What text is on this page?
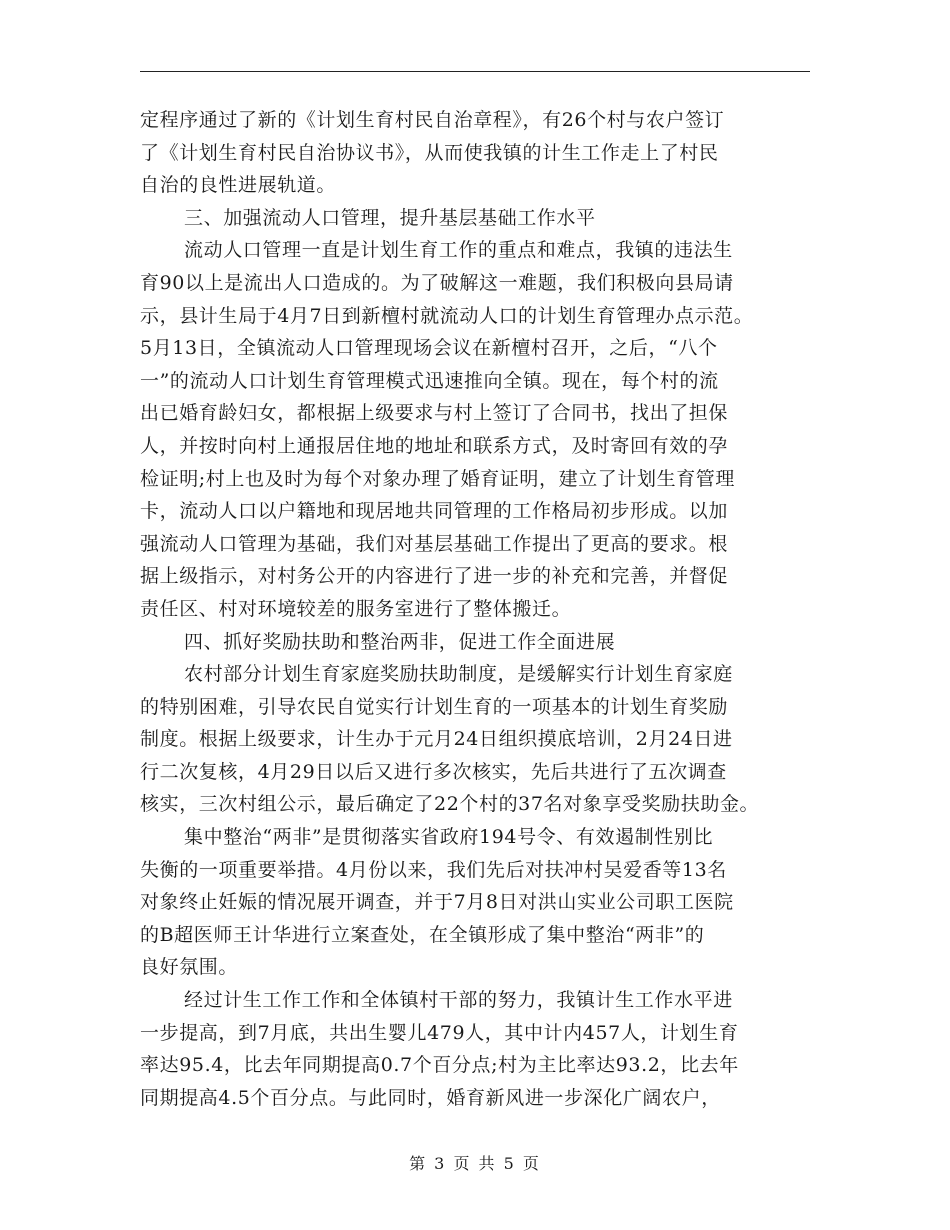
定程序通过了新的《计划生育村民自治章程》，有26个村与农户签订
了《计划生育村民自治协议书》，从而使我镇的计生工作走上了村民
自治的良性进展轨道。
三、加强流动人口管理，提升基层基础工作水平
流动人口管理一直是计划生育工作的重点和难点，我镇的违法生
育90以上是流出人口造成的。为了破解这一难题，我们积极向县局请
示，县计生局于4月7日到新檀村就流动人口的计划生育管理办点示范。
5月13日，全镇流动人口管理现场会议在新檀村召开，之后，“八个
一”的流动人口计划生育管理模式迅速推向全镇。现在，每个村的流
出已婚育龄妇女，都根据上级要求与村上签订了合同书，找出了担保
人，并按时向村上通报居住地的地址和联系方式，及时寄回有效的孕
检证明;村上也及时为每个对象办理了婚育证明，建立了计划生育管理
卡，流动人口以户籍地和现居地共同管理的工作格局初步形成。以加
强流动人口管理为基础，我们对基层基础工作提出了更高的要求。根
据上级指示，对村务公开的内容进行了进一步的补充和完善，并督促
责任区、村对环境较差的服务室进行了整体搬迁。
四、抓好奖励扶助和整治两非，促进工作全面进展
农村部分计划生育家庭奖励扶助制度，是缓解实行计划生育家庭
的特别困难，引导农民自觉实行计划生育的一项基本的计划生育奖励
制度。根据上级要求，计生办于元月24日组织摸底培训，2月24日进
行二次复核，4月29日以后又进行多次核实，先后共进行了五次调查
核实，三次村组公示，最后确定了22个村的37名对象享受奖励扶助金。
集中整治“两非”是贯彻落实省政府194号令、有效遏制性别比
失衡的一项重要举措。4月份以来，我们先后对扶冲村吴爱香等13名
对象终止妊娠的情况展开调查，并于7月8日对洪山实业公司职工医院
的B超医师王计华进行立案查处，在全镇形成了集中整治“两非”的
良好氛围。
经过计生工作工作和全体镇村干部的努力，我镇计生工作水平进
一步提高，到7月底，共出生婴儿479人，其中计内457人，计划生育
率达95.4，比去年同期提高0.7个百分点;村为主比率达93.2，比去年
同期提高4.5个百分点。与此同时，婚育新风进一步深化广阔农户，
第 3 页 共 5 页
